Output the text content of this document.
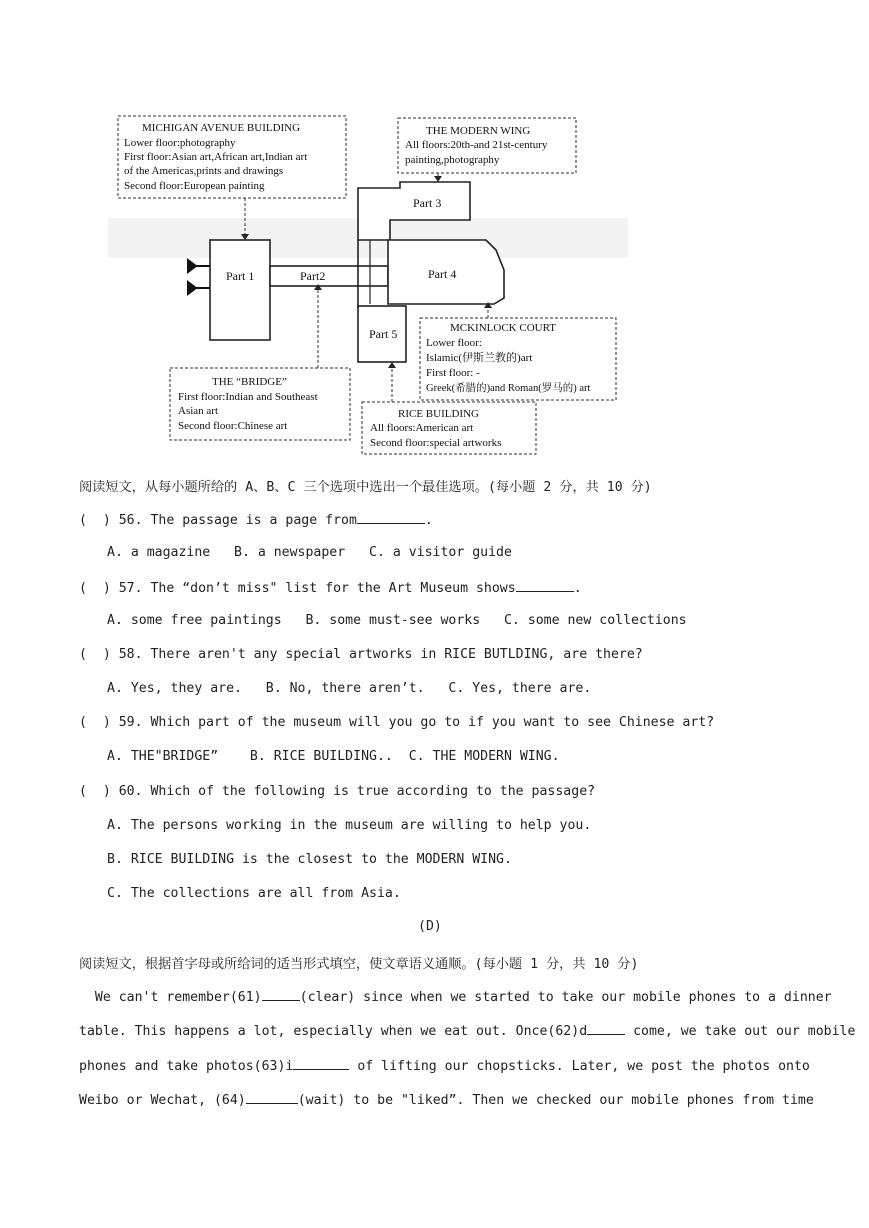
Part 1	Part2
Part 3
Part 4
Part 5
MICHIGAN AVENUE BUILDING
Lower floor:photography
First floor:Asian art,African art,Indian art
of the Americas,prints and drawings
Second floor:European painting
THE MODERN WING
All floors:20th-and 21st-century
painting,photography
MCKINLOCK COURT
Lower floor:
Islamic(伊斯兰教的)art
First floor: -
Greek(希腊的)and Roman(罗马的) art
THE “BRIDGE”
First floor:Indian and Southeast
Asian art
Second floor:Chinese art
RICE BUILDING
All floors:American art
Second floor:special artworks
阅读短文，从每小题所给的 A、B、C 三个选项中选出一个最佳选项。(每小题 2 分，共 10 分)
(  ) 56. The passage is a page from	.
A. a magazine   B. a newspaper   C. a visitor guide
(  ) 57. The “don’t miss" list for the Art Museum shows	.
A. some free paintings   B. some must-see works   C. some new collections
(  ) 58. There aren't any special artworks in RICE BUTLDING, are there?
A. Yes, they are.   B. No, there aren’t.   C. Yes, there are.
(  ) 59. Which part of the museum will you go to if you want to see Chinese art?
A. THE"BRIDGE”    B. RICE BUILDING..  C. THE MODERN WING.
(  ) 60. Which of the following is true according to the passage?
A. The persons working in the museum are willing to help you.
B. RICE BUILDING is the closest to the MODERN WING.
C. The collections are all from Asia.
(D)
阅读短文，根据首字母或所给词的适当形式填空，使文章语义通顺。(每小题 1 分，共 10 分)
We can't remember(61)	(clear) since when we started to take our mobile phones to a dinner
table. This happens a lot, especially when we eat out. Once(62)d	come, we take out our mobile
phones and take photos(63)i	of lifting our chopsticks. Later, we post the photos onto
Weibo or Wechat, (64)	(wait) to be "liked”. Then we checked our mobile phones from time
